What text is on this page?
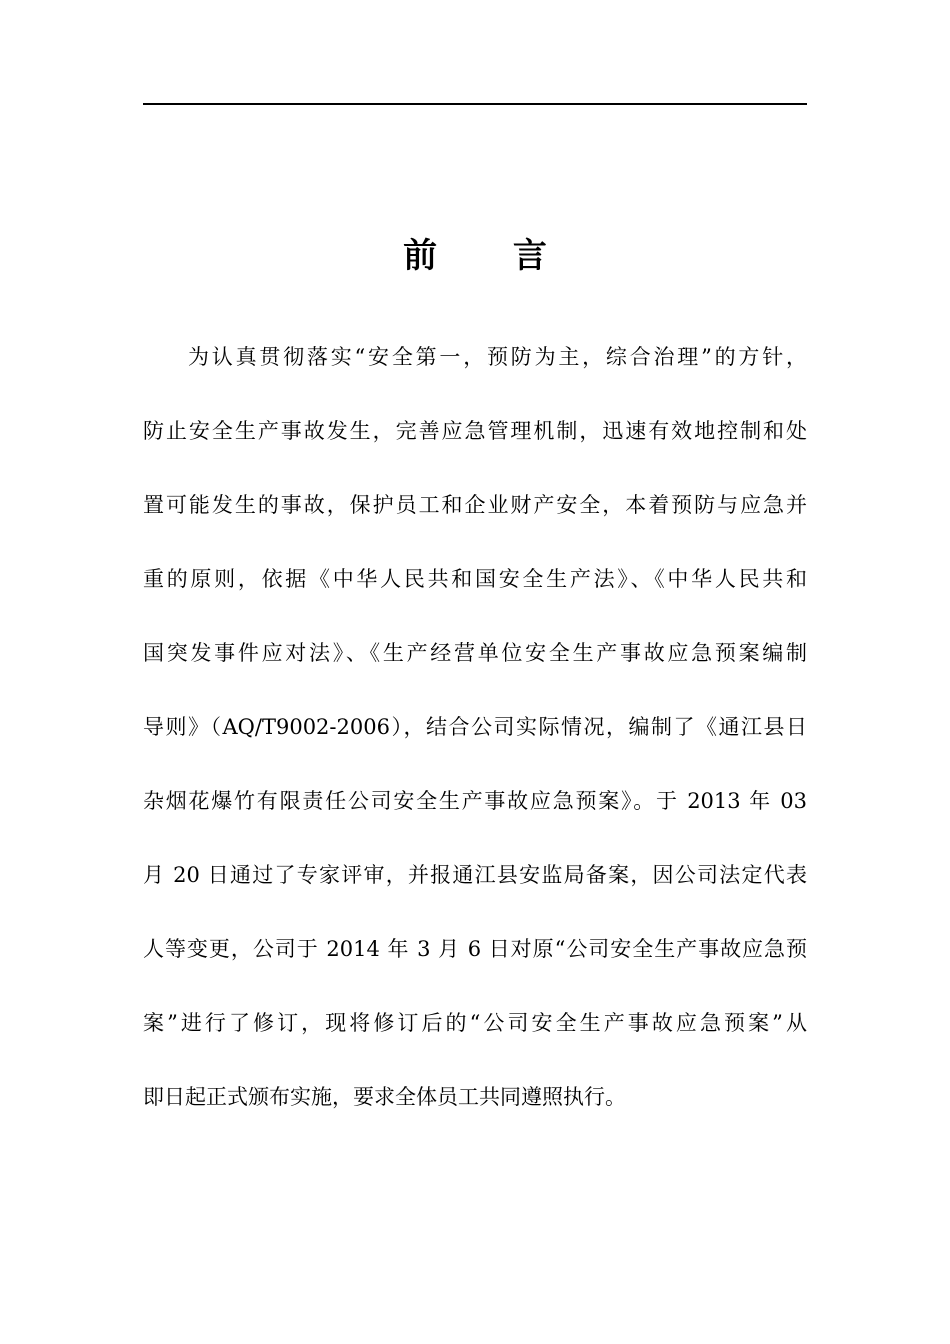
前 言
为认真贯彻落实“安全第一，预防为主，综合治理”的方针，
防止安全生产事故发生，完善应急管理机制，迅速有效地控制和处
置可能发生的事故，保护员工和企业财产安全，本着预防与应急并
重的原则，依据《中华人民共和国安全生产法》、《中华人民共和
国突发事件应对法》、《生产经营单位安全生产事故应急预案编制
导则》（AQ/T9002-2006），结合公司实际情况，编制了《通江县日
杂烟花爆竹有限责任公司安全生产事故应急预案》。于 2013 年 03
月 20 日通过了专家评审，并报通江县安监局备案，因公司法定代表
人等变更，公司于 2014 年 3 月 6 日对原“公司安全生产事故应急预
案”进行了修订，现将修订后的“公司安全生产事故应急预案”从
即日起正式颁布实施，要求全体员工共同遵照执行。
